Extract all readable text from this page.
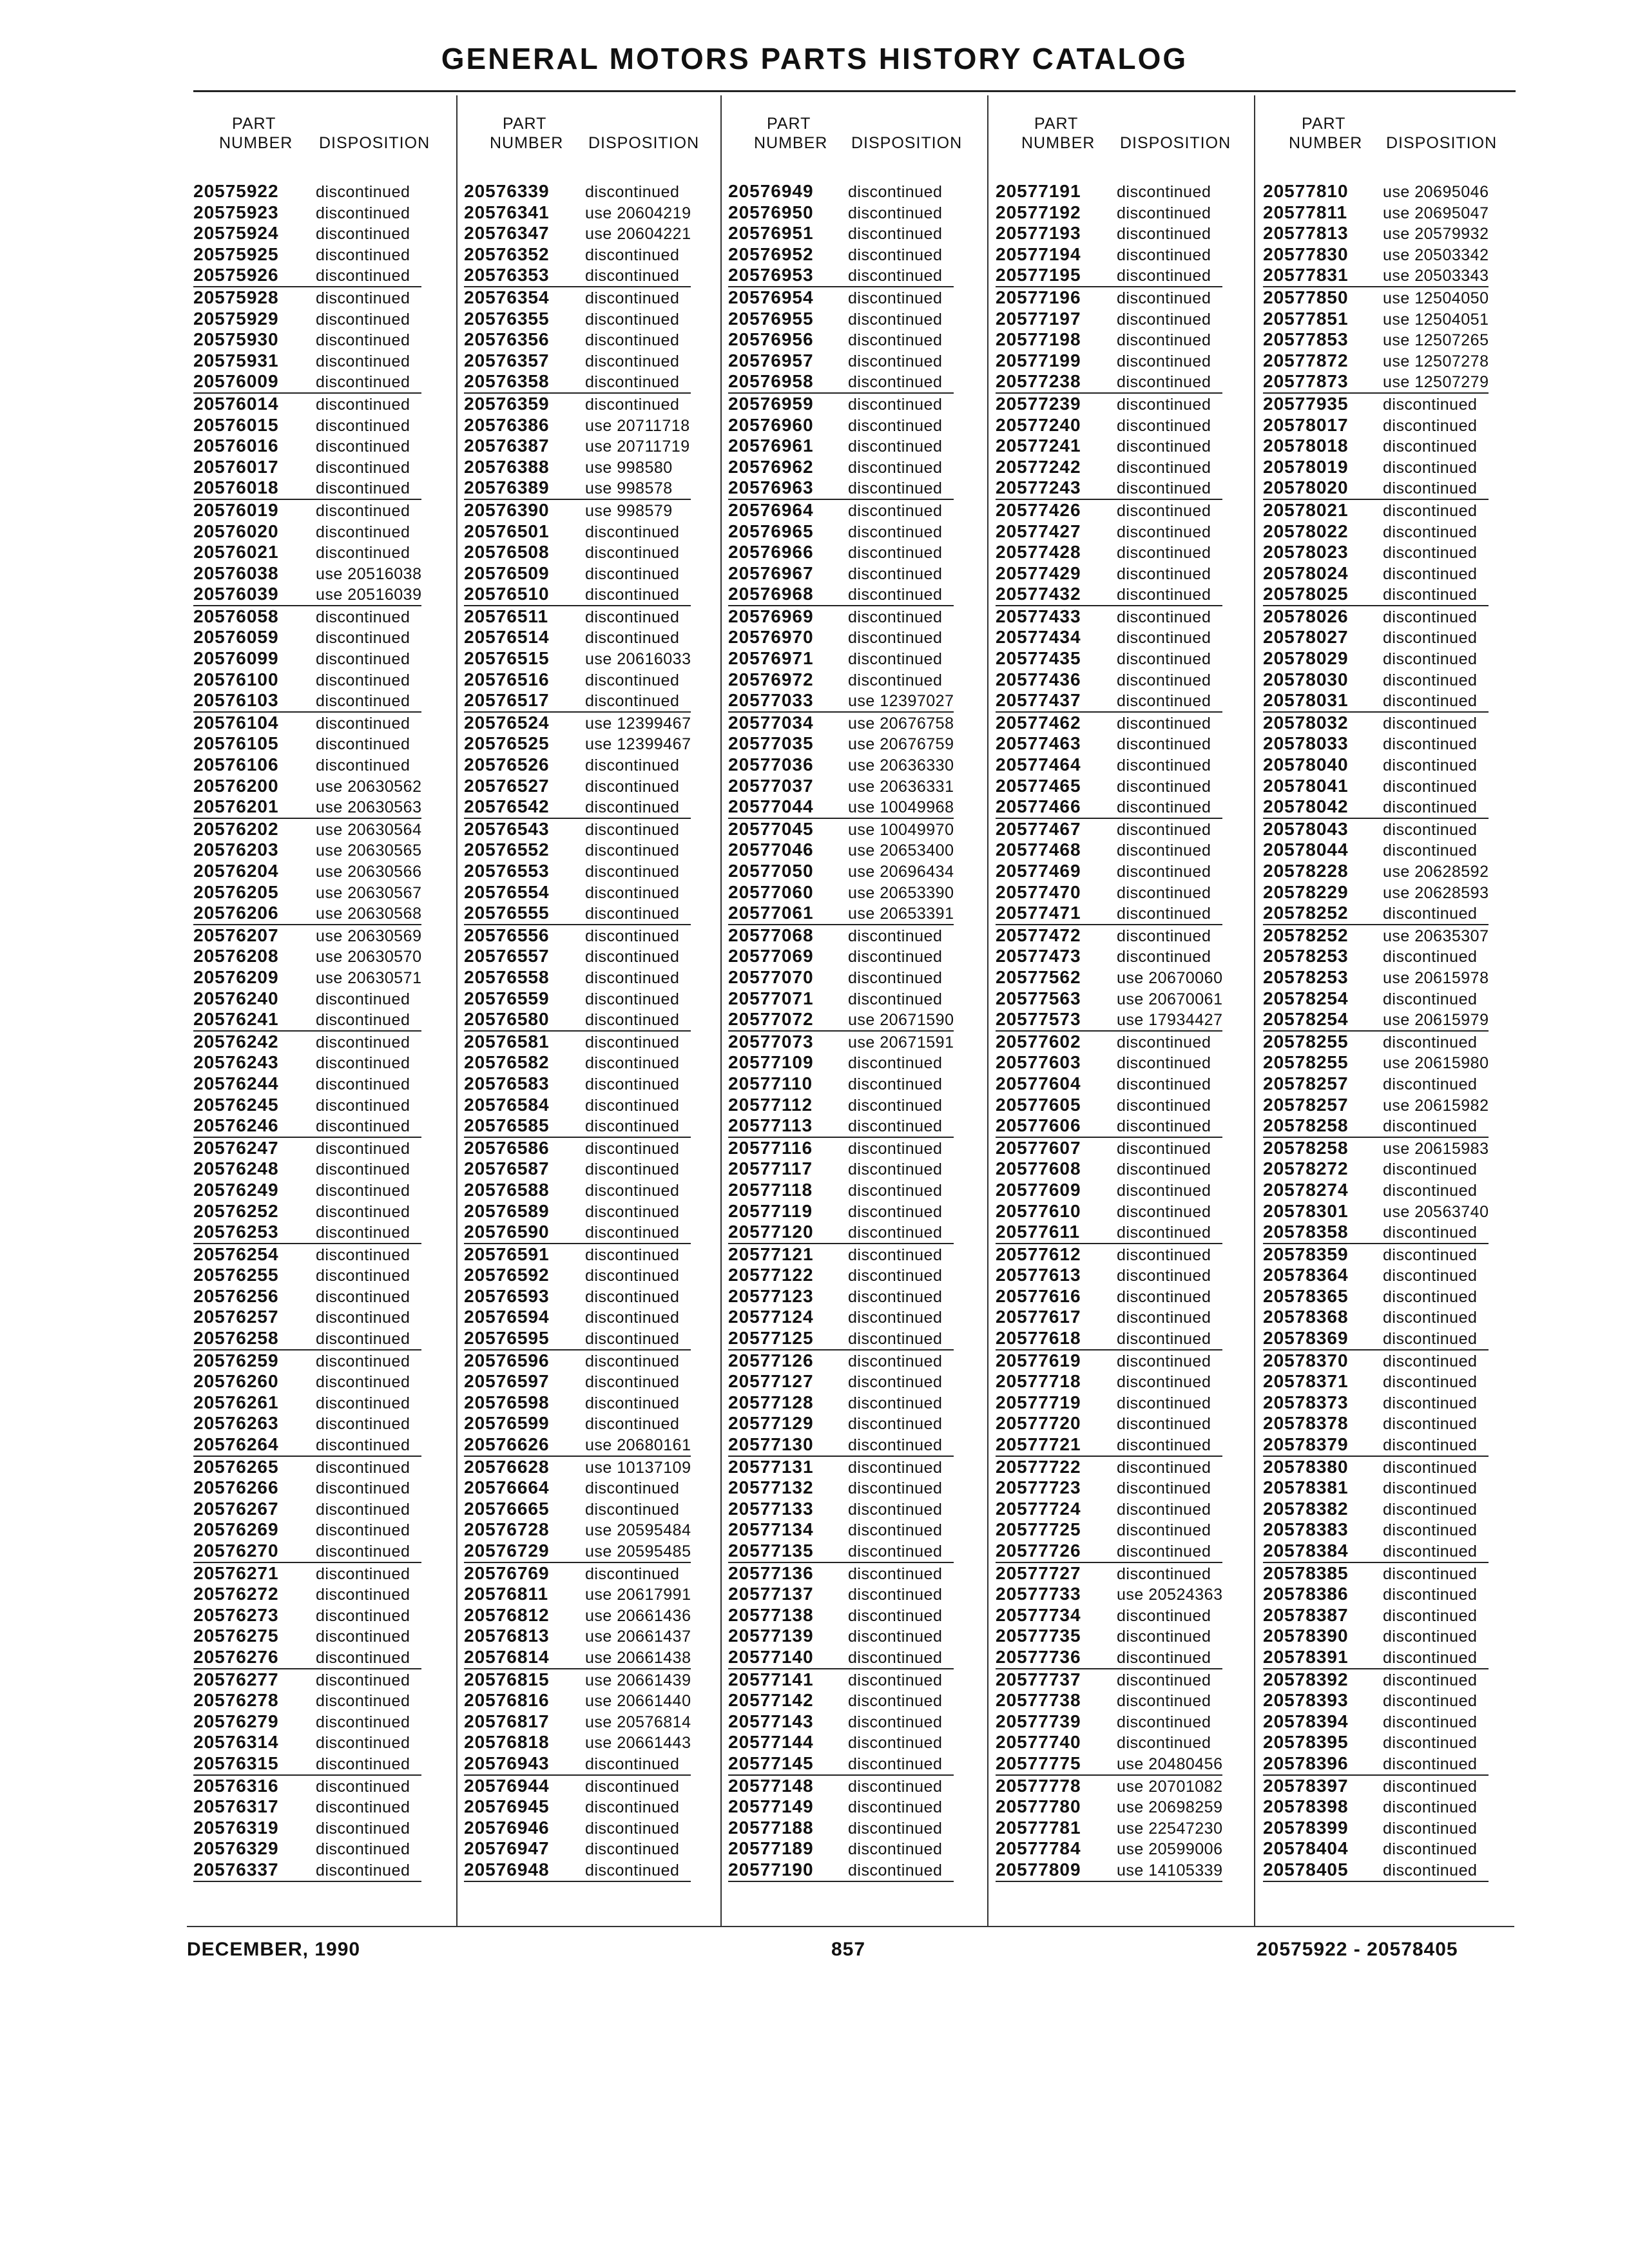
GENERAL MOTORS PARTS HISTORY CATALOG
PART
NUMBER DISPOSITION
20575922 discontinued
20575923 discontinued
20575924 discontinued
20575925 discontinued
20575926 discontinued
20575928 discontinued
20575929 discontinued
20575930 discontinued
20575931 discontinued
20576009 discontinued
20576014 discontinued
20576015 discontinued
20576016 discontinued
20576017 discontinued
20576018 discontinued
20576019 discontinued
20576020 discontinued
20576021 discontinued
20576038 use 20516038
20576039 use 20516039
20576058 discontinued
20576059 discontinued
20576099 discontinued
20576100 discontinued
20576103 discontinued
20576104 discontinued
20576105 discontinued
20576106 discontinued
20576200 use 20630562
20576201 use 20630563
20576202 use 20630564
20576203 use 20630565
20576204 use 20630566
20576205 use 20630567
20576206 use 20630568
20576207 use 20630569
20576208 use 20630570
20576209 use 20630571
20576240 discontinued
20576241 discontinued
20576242 discontinued
20576243 discontinued
20576244 discontinued
20576245 discontinued
20576246 discontinued
20576247 discontinued
20576248 discontinued
20576249 discontinued
20576252 discontinued
20576253 discontinued
20576254 discontinued
20576255 discontinued
20576256 discontinued
20576257 discontinued
20576258 discontinued
20576259 discontinued
20576260 discontinued
20576261 discontinued
20576263 discontinued
20576264 discontinued
20576265 discontinued
20576266 discontinued
20576267 discontinued
20576269 discontinued
20576270 discontinued
20576271 discontinued
20576272 discontinued
20576273 discontinued
20576275 discontinued
20576276 discontinued
20576277 discontinued
20576278 discontinued
20576279 discontinued
20576314 discontinued
20576315 discontinued
20576316 discontinued
20576317 discontinued
20576319 discontinued
20576329 discontinued
20576337 discontinued
PART
NUMBER DISPOSITION
20576339 discontinued
20576341 use 20604219
20576347 use 20604221
20576352 discontinued
20576353 discontinued
20576354 discontinued
20576355 discontinued
20576356 discontinued
20576357 discontinued
20576358 discontinued
20576359 discontinued
20576386 use 20711718
20576387 use 20711719
20576388 use 998580
20576389 use 998578
20576390 use 998579
20576501 discontinued
20576508 discontinued
20576509 discontinued
20576510 discontinued
20576511 discontinued
20576514 discontinued
20576515 use 20616033
20576516 discontinued
20576517 discontinued
20576524 use 12399467
20576525 use 12399467
20576526 discontinued
20576527 discontinued
20576542 discontinued
20576543 discontinued
20576552 discontinued
20576553 discontinued
20576554 discontinued
20576555 discontinued
20576556 discontinued
20576557 discontinued
20576558 discontinued
20576559 discontinued
20576580 discontinued
20576581 discontinued
20576582 discontinued
20576583 discontinued
20576584 discontinued
20576585 discontinued
20576586 discontinued
20576587 discontinued
20576588 discontinued
20576589 discontinued
20576590 discontinued
20576591 discontinued
20576592 discontinued
20576593 discontinued
20576594 discontinued
20576595 discontinued
20576596 discontinued
20576597 discontinued
20576598 discontinued
20576599 discontinued
20576626 use 20680161
20576628 use 10137109
20576664 discontinued
20576665 discontinued
20576728 use 20595484
20576729 use 20595485
20576769 discontinued
20576811 use 20617991
20576812 use 20661436
20576813 use 20661437
20576814 use 20661438
20576815 use 20661439
20576816 use 20661440
20576817 use 20576814
20576818 use 20661443
20576943 discontinued
20576944 discontinued
20576945 discontinued
20576946 discontinued
20576947 discontinued
20576948 discontinued
PART
NUMBER DISPOSITION
20576949 discontinued
20576950 discontinued
20576951 discontinued
20576952 discontinued
20576953 discontinued
20576954 discontinued
20576955 discontinued
20576956 discontinued
20576957 discontinued
20576958 discontinued
20576959 discontinued
20576960 discontinued
20576961 discontinued
20576962 discontinued
20576963 discontinued
20576964 discontinued
20576965 discontinued
20576966 discontinued
20576967 discontinued
20576968 discontinued
20576969 discontinued
20576970 discontinued
20576971 discontinued
20576972 discontinued
20577033 use 12397027
20577034 use 20676758
20577035 use 20676759
20577036 use 20636330
20577037 use 20636331
20577044 use 10049968
20577045 use 10049970
20577046 use 20653400
20577050 use 20696434
20577060 use 20653390
20577061 use 20653391
20577068 discontinued
20577069 discontinued
20577070 discontinued
20577071 discontinued
20577072 use 20671590
20577073 use 20671591
20577109 discontinued
20577110 discontinued
20577112 discontinued
20577113 discontinued
20577116 discontinued
20577117 discontinued
20577118 discontinued
20577119 discontinued
20577120 discontinued
20577121 discontinued
20577122 discontinued
20577123 discontinued
20577124 discontinued
20577125 discontinued
20577126 discontinued
20577127 discontinued
20577128 discontinued
20577129 discontinued
20577130 discontinued
20577131 discontinued
20577132 discontinued
20577133 discontinued
20577134 discontinued
20577135 discontinued
20577136 discontinued
20577137 discontinued
20577138 discontinued
20577139 discontinued
20577140 discontinued
20577141 discontinued
20577142 discontinued
20577143 discontinued
20577144 discontinued
20577145 discontinued
20577148 discontinued
20577149 discontinued
20577188 discontinued
20577189 discontinued
20577190 discontinued
PART
NUMBER DISPOSITION
20577191 discontinued
20577192 discontinued
20577193 discontinued
20577194 discontinued
20577195 discontinued
20577196 discontinued
20577197 discontinued
20577198 discontinued
20577199 discontinued
20577238 discontinued
20577239 discontinued
20577240 discontinued
20577241 discontinued
20577242 discontinued
20577243 discontinued
20577426 discontinued
20577427 discontinued
20577428 discontinued
20577429 discontinued
20577432 discontinued
20577433 discontinued
20577434 discontinued
20577435 discontinued
20577436 discontinued
20577437 discontinued
20577462 discontinued
20577463 discontinued
20577464 discontinued
20577465 discontinued
20577466 discontinued
20577467 discontinued
20577468 discontinued
20577469 discontinued
20577470 discontinued
20577471 discontinued
20577472 discontinued
20577473 discontinued
20577562 use 20670060
20577563 use 20670061
20577573 use 17934427
20577602 discontinued
20577603 discontinued
20577604 discontinued
20577605 discontinued
20577606 discontinued
20577607 discontinued
20577608 discontinued
20577609 discontinued
20577610 discontinued
20577611 discontinued
20577612 discontinued
20577613 discontinued
20577616 discontinued
20577617 discontinued
20577618 discontinued
20577619 discontinued
20577718 discontinued
20577719 discontinued
20577720 discontinued
20577721 discontinued
20577722 discontinued
20577723 discontinued
20577724 discontinued
20577725 discontinued
20577726 discontinued
20577727 discontinued
20577733 use 20524363
20577734 discontinued
20577735 discontinued
20577736 discontinued
20577737 discontinued
20577738 discontinued
20577739 discontinued
20577740 discontinued
20577775 use 20480456
20577778 use 20701082
20577780 use 20698259
20577781 use 22547230
20577784 use 20599006
20577809 use 14105339
PART
NUMBER DISPOSITION
20577810 use 20695046
20577811 use 20695047
20577813 use 20579932
20577830 use 20503342
20577831 use 20503343
20577850 use 12504050
20577851 use 12504051
20577853 use 12507265
20577872 use 12507278
20577873 use 12507279
20577935 discontinued
20578017 discontinued
20578018 discontinued
20578019 discontinued
20578020 discontinued
20578021 discontinued
20578022 discontinued
20578023 discontinued
20578024 discontinued
20578025 discontinued
20578026 discontinued
20578027 discontinued
20578029 discontinued
20578030 discontinued
20578031 discontinued
20578032 discontinued
20578033 discontinued
20578040 discontinued
20578041 discontinued
20578042 discontinued
20578043 discontinued
20578044 discontinued
20578228 use 20628592
20578229 use 20628593
20578252 discontinued
20578252 use 20635307
20578253 discontinued
20578253 use 20615978
20578254 discontinued
20578254 use 20615979
20578255 discontinued
20578255 use 20615980
20578257 discontinued
20578257 use 20615982
20578258 discontinued
20578258 use 20615983
20578272 discontinued
20578274 discontinued
20578301 use 20563740
20578358 discontinued
20578359 discontinued
20578364 discontinued
20578365 discontinued
20578368 discontinued
20578369 discontinued
20578370 discontinued
20578371 discontinued
20578373 discontinued
20578378 discontinued
20578379 discontinued
20578380 discontinued
20578381 discontinued
20578382 discontinued
20578383 discontinued
20578384 discontinued
20578385 discontinued
20578386 discontinued
20578387 discontinued
20578390 discontinued
20578391 discontinued
20578392 discontinued
20578393 discontinued
20578394 discontinued
20578395 discontinued
20578396 discontinued
20578397 discontinued
20578398 discontinued
20578399 discontinued
20578404 discontinued
20578405 discontinued
DECEMBER, 1990	857	20575922 - 20578405
